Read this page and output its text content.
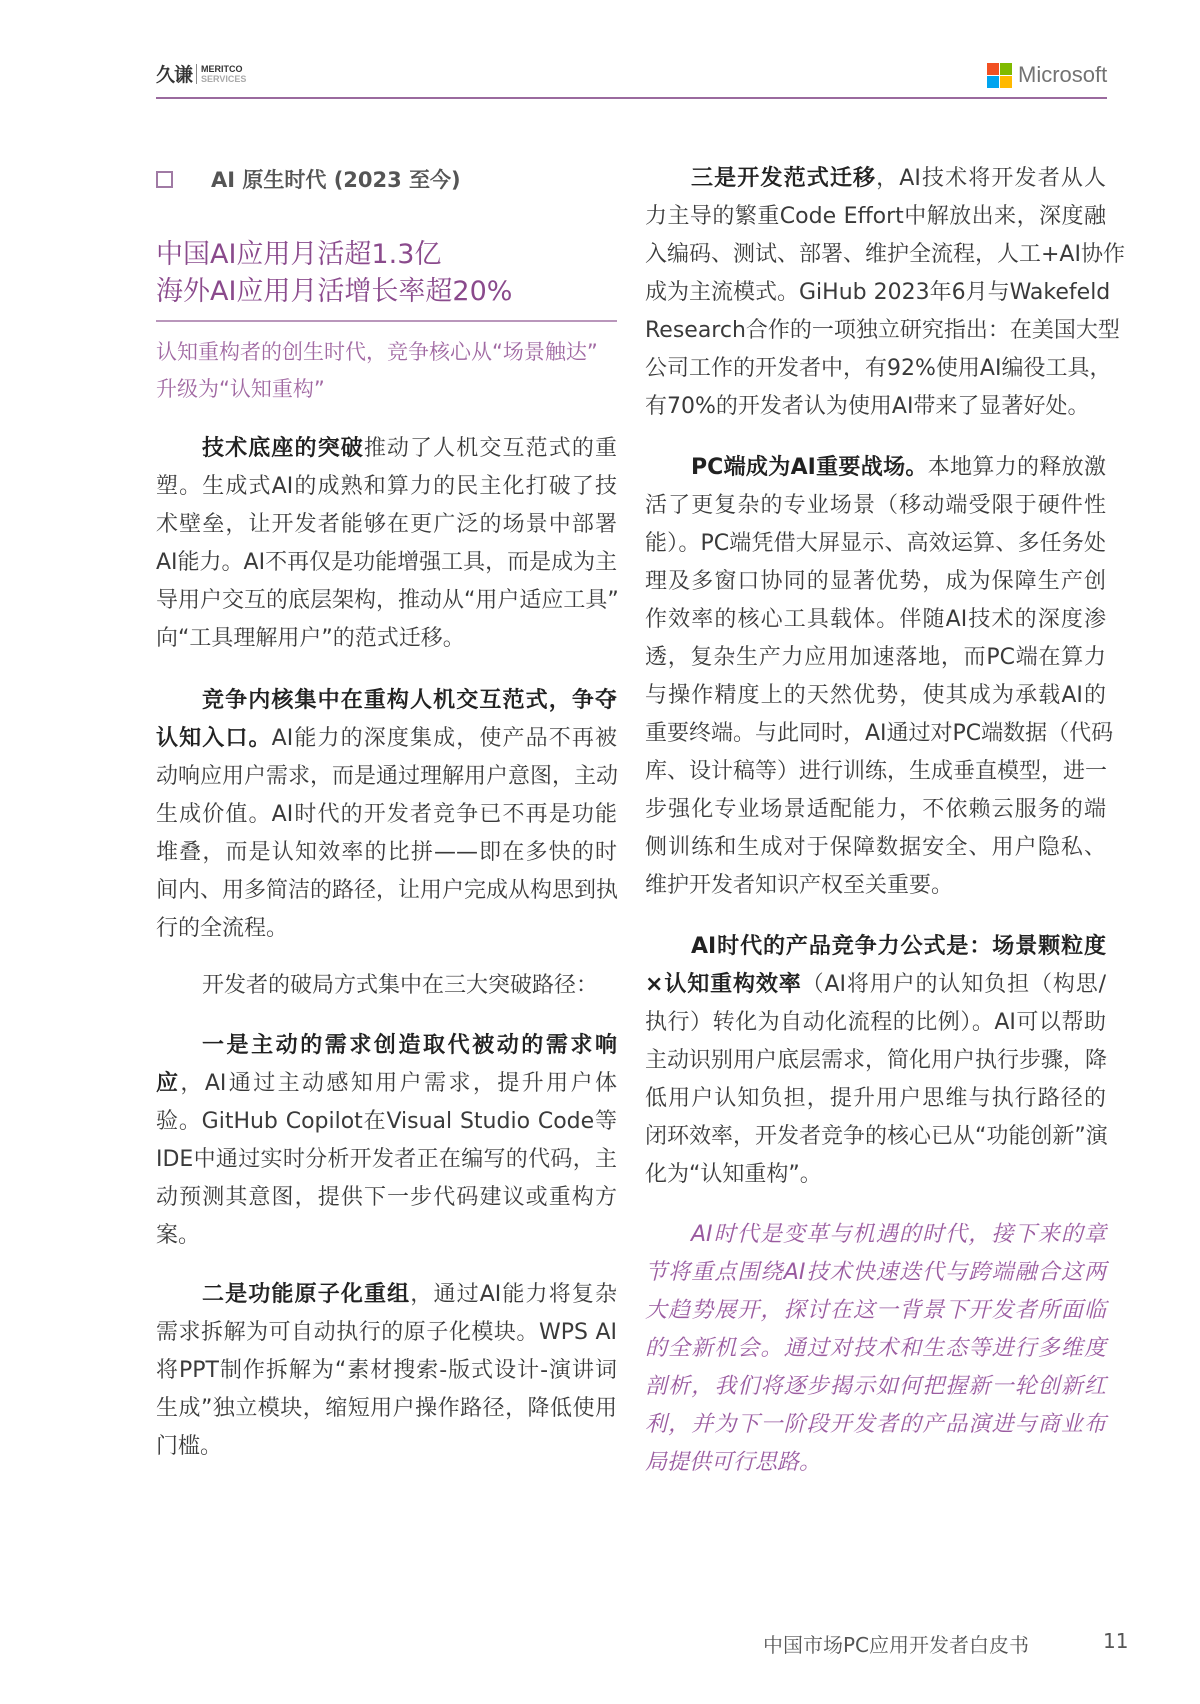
久谦 MERITCO
SERVICES	Microsoft
AI 原生时代 (2023 至今)
中国AI应用月活超1.3亿
海外AI应用月活增长率超20%
认知重构者的创生时代，竞争核心从“场景触达”
升级为“认知重构”
技术底座的突破推动了人机交互范式的重
塑。生成式AI的成熟和算力的民主化打破了技
术壁垒，让开发者能够在更广泛的场景中部署
AI能力。AI不再仅是功能增强工具，而是成为主
导用户交互的底层架构，推动从“用户适应工具”
向“工具理解用户”的范式迁移。
竞争内核集中在重构人机交互范式，争夺
认知入口。AI能力的深度集成，使产品不再被
动响应用户需求，而是通过理解用户意图，主动
生成价值。AI时代的开发者竞争已不再是功能
堆叠，而是认知效率的比拼——即在多快的时
间内、用多简洁的路径，让用户完成从构思到执
行的全流程。
开发者的破局方式集中在三大突破路径：
一是主动的需求创造取代被动的需求响
应，AI通过主动感知用户需求，提升用户体
验。GitHub Copilot在Visual Studio Code等
IDE中通过实时分析开发者正在编写的代码，主
动预测其意图，提供下一步代码建议或重构方
案。
二是功能原子化重组，通过AI能力将复杂
需求拆解为可自动执行的原子化模块。WPS AI
将PPT制作拆解为“素材搜索-版式设计-演讲词
生成”独立模块，缩短用户操作路径，降低使用
门槛。
三是开发范式迁移，AI技术将开发者从人
力主导的繁重Code Effort中解放出来，深度融
入编码、测试、部署、维护全流程，人工+AI协作
成为主流模式。GiHub 2023年6月与Wakefeld
Research合作的一项独立研究指出：在美国大型
公司工作的开发者中，有92%使用AI编役工具，
有70%的开发者认为使用AI带来了显著好处。
PC端成为AI重要战场。本地算力的释放激
活了更复杂的专业场景（移动端受限于硬件性
能）。PC端凭借大屏显示、高效运算、多任务处
理及多窗口协同的显著优势，成为保障生产创
作效率的核心工具载体。伴随AI技术的深度渗
透，复杂生产力应用加速落地，而PC端在算力
与操作精度上的天然优势，使其成为承载AI的
重要终端。与此同时，AI通过对PC端数据（代码
库、设计稿等）进行训练，生成垂直模型，进一
步强化专业场景适配能力，不依赖云服务的端
侧训练和生成对于保障数据安全、用户隐私、
维护开发者知识产权至关重要。
AI时代的产品竞争力公式是：场景颗粒度
×认知重构效率（AI将用户的认知负担（构思/
执行）转化为自动化流程的比例）。AI可以帮助
主动识别用户底层需求，简化用户执行步骤，降
低用户认知负担，提升用户思维与执行路径的
闭环效率，开发者竞争的核心已从“功能创新”演
化为“认知重构”。
AI时代是变革与机遇的时代，接下来的章
节将重点围绕AI技术快速迭代与跨端融合这两
大趋势展开，探讨在这一背景下开发者所面临
的全新机会。通过对技术和生态等进行多维度
剖析，我们将逐步揭示如何把握新一轮创新红
利，并为下一阶段开发者的产品演进与商业布
局提供可行思路。
中国市场PC应用开发者白皮书	11
